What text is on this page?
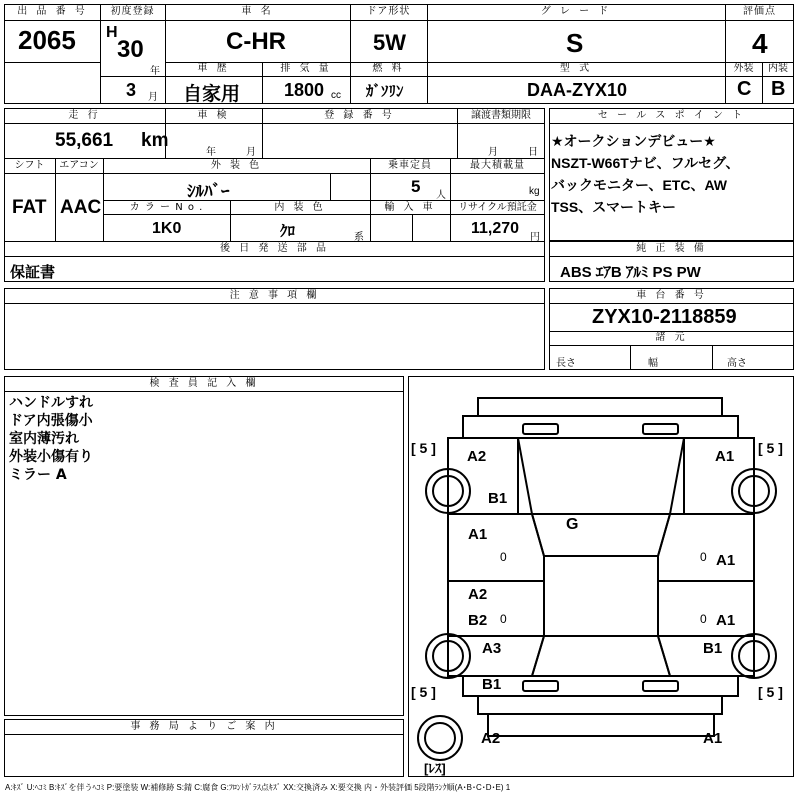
出 品 番 号
2065
初度登録
H
30
年
3 月
車 名
C-HR
車 歴
自家用
排 気 量
1800 cc
ドア形状
5W
燃 料
ｶﾞｿﾘﾝ
グ レ ー ド
S
型 式
DAA-ZYX10
評価点
4
外装	内装
C B
走 行
55,661 km
車 検
年	月
登 録 番 号	譲渡書類期限
月	日
シフト
FAT
エアコン
AAC
外 装 色
ｼﾙﾊﾞｰ
乗車定員
5 人
最大積載量
kg
カ ラ ー N o .
1K0
内 装 色
ｸﾛ	系
輸 入 車	リサイクル預託金
11,270
円
後 日 発 送 部 品
保証書
セ ー ル ス ポ イ ン ト
★オークションデビュー★
NSZT-W66Tナビ、フルセグ、
バックモニター、ETC、AW
TSS、スマートキー
純 正 装 備
ABS ｴｱB ｱﾙﾐ PS PW
注 意 事 項 欄	車 台 番 号
ZYX10-2118859
諸 元
長さ	幅	高さ
検 査 員 記 入 欄

ハンドルすれ

ドア内張傷小

室内薄汚れ

外装小傷有り

ミラー A

事 務 局 よ り ご 案 内
[ 5 ]	[ 5 ]
[ 5 ]	[ 5 ]
[ﾚｽ]
A2	A1
B1
A1
0
G
A1
0
A2
B2 0	A1
0
A3	B1
B1
A2	A1
A:ｷｽﾞ U:ﾍｺﾐ B:ｷｽﾞを伴うﾍｺﾐ P:要塗装 W:補修跡 S:錆 C:腐食 G:ﾌﾛﾝﾄｶﾞﾗｽ点ｷｽﾞ XX:交換済み X:要交換 内・外装評価 5段階ﾗﾝｸ順(A･B･C･D･E) 1
